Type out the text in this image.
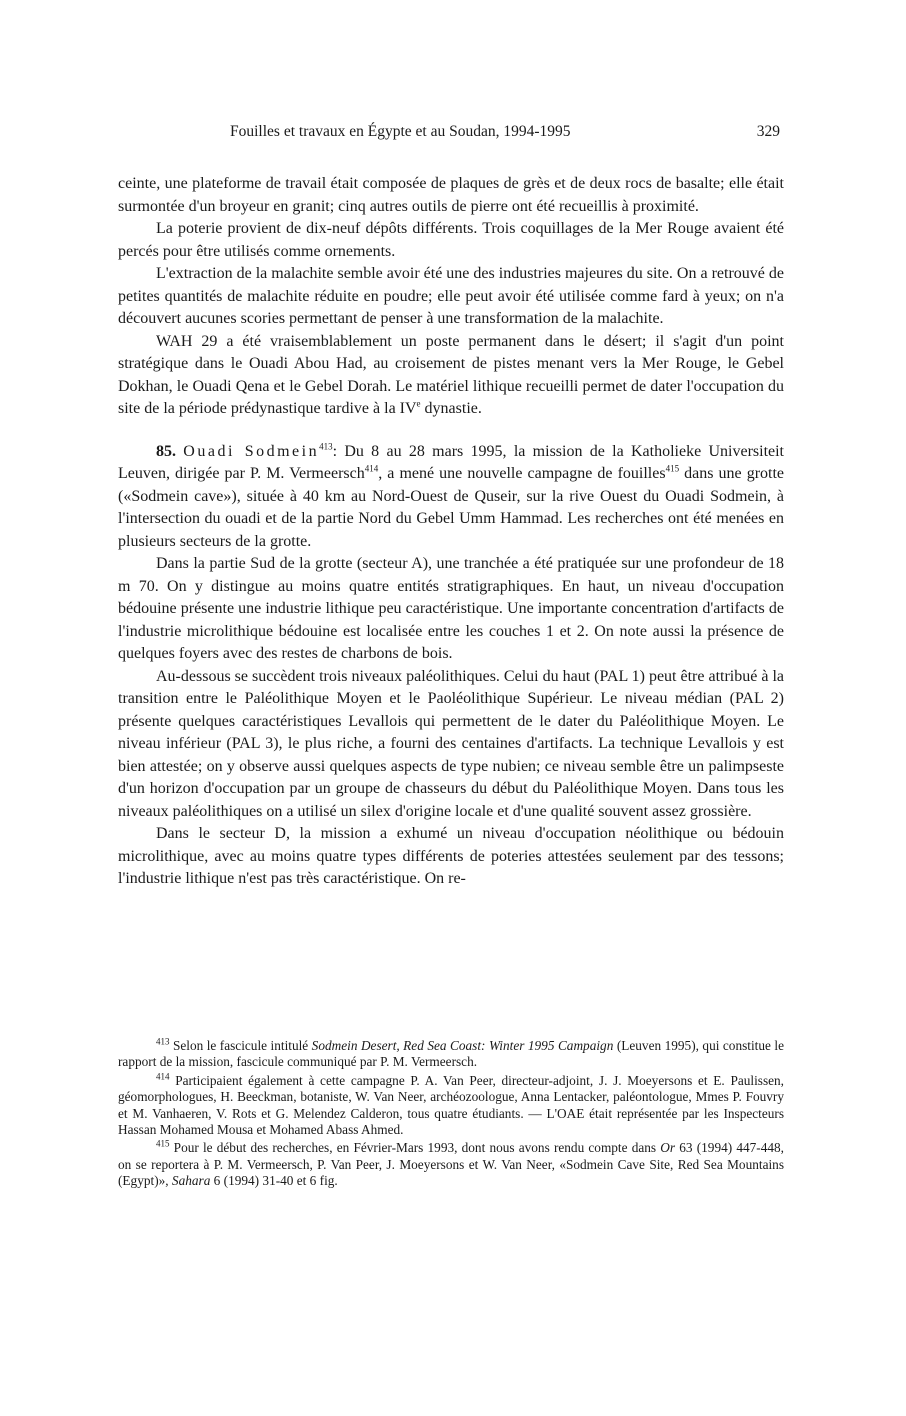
Fouilles et travaux en Égypte et au Soudan, 1994-1995	329

ceinte, une plateforme de travail était composée de plaques de grès et de deux rocs de basalte; elle était surmontée d'un broyeur en granit; cinq autres outils de pierre ont été recueillis à proximité.

La poterie provient de dix-neuf dépôts différents. Trois coquillages de la Mer Rouge avaient été percés pour être utilisés comme ornements.

L'extraction de la malachite semble avoir été une des industries majeures du site. On a retrouvé de petites quantités de malachite réduite en poudre; elle peut avoir été utilisée comme fard à yeux; on n'a découvert aucunes scories permettant de penser à une transformation de la malachite.

WAH 29 a été vraisemblablement un poste permanent dans le désert; il s'agit d'un point stratégique dans le Ouadi Abou Had, au croisement de pistes menant vers la Mer Rouge, le Gebel Dokhan, le Ouadi Qena et le Gebel Dorah. Le matériel lithique recueilli permet de dater l'occupation du site de la période prédynastique tardive à la IVe dynastie.

85. Ouadi Sodmein$^{413}$: Du 8 au 28 mars 1995, la mission de la Katholieke Universiteit Leuven, dirigée par P. M. Vermeersch$^{414}$, a mené une nouvelle campagne de fouilles$^{415}$ dans une grotte («Sodmein cave»), située à 40 km au Nord-Ouest de Quseir, sur la rive Ouest du Ouadi Sodmein, à l'intersection du ouadi et de la partie Nord du Gebel Umm Hammad. Les recherches ont été menées en plusieurs secteurs de la grotte.

Dans la partie Sud de la grotte (secteur A), une tranchée a été pratiquée sur une profondeur de 18 m 70. On y distingue au moins quatre entités stratigraphiques. En haut, un niveau d'occupation bédouine présente une industrie lithique peu caractéristique. Une importante concentration d'artifacts de l'industrie microlithique bédouine est localisée entre les couches 1 et 2. On note aussi la présence de quelques foyers avec des restes de charbons de bois.

Au-dessous se succèdent trois niveaux paléolithiques. Celui du haut (PAL 1) peut être attribué à la transition entre le Paléolithique Moyen et le Paoléolithique Supérieur. Le niveau médian (PAL 2) présente quelques caractéristiques Levallois qui permettent de le dater du Paléolithique Moyen. Le niveau inférieur (PAL 3), le plus riche, a fourni des centaines d'artifacts. La technique Levallois y est bien attestée; on y observe aussi quelques aspects de type nubien; ce niveau semble être un palimpseste d'un horizon d'occupation par un groupe de chasseurs du début du Paléolithique Moyen. Dans tous les niveaux paléolithiques on a utilisé un silex d'origine locale et d'une qualité souvent assez grossière.

Dans le secteur D, la mission a exhumé un niveau d'occupation néolithique ou bédouin microlithique, avec au moins quatre types différents de poteries attestées seulement par des tessons; l'industrie lithique n'est pas très caractéristique. On re-

$^{413}$ Selon le fascicule intitulé Sodmein Desert, Red Sea Coast: Winter 1995 Campaign (Leuven 1995), qui constitue le rapport de la mission, fascicule communiqué par P. M. Vermeersch.

$^{414}$ Participaient également à cette campagne P. A. Van Peer, directeur-adjoint, J. J. Moeyersons et E. Paulissen, géomorphologues, H. Beeckman, botaniste, W. Van Neer, archéozoologue, Anna Lentacker, paléontologue, Mmes P. Fouvry et M. Vanhaeren, V. Rots et G. Melendez Calderon, tous quatre étudiants. — L'OAE était représentée par les Inspecteurs Hassan Mohamed Mousa et Mohamed Abass Ahmed.

$^{415}$ Pour le début des recherches, en Février-Mars 1993, dont nous avons rendu compte dans Or 63 (1994) 447-448, on se reportera à P. M. Vermeersch, P. Van Peer, J. Moeyersons et W. Van Neer, «Sodmein Cave Site, Red Sea Mountains (Egypt)», Sahara 6 (1994) 31-40 et 6 fig.
